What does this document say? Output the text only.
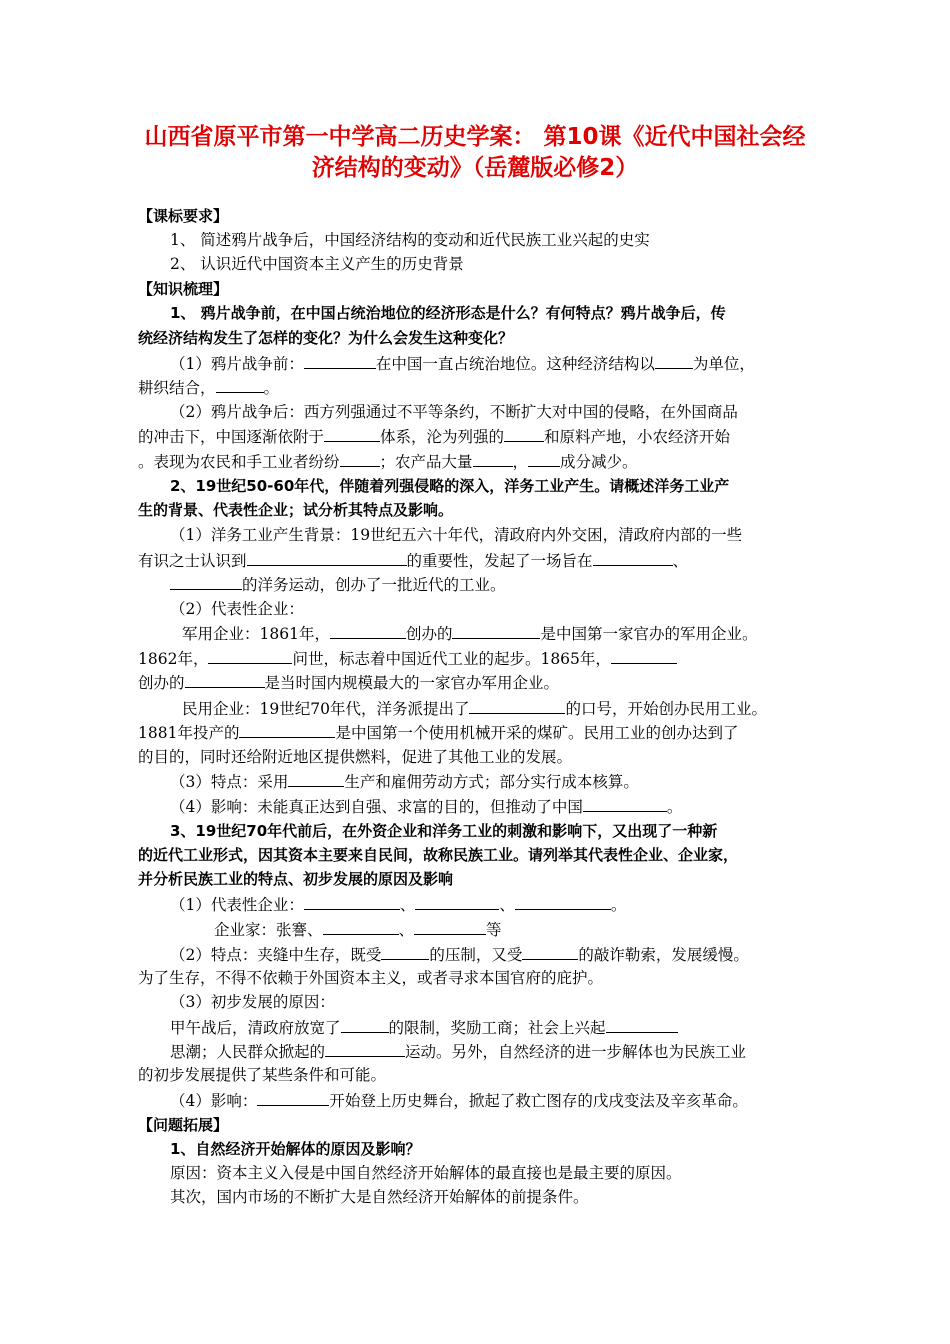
山西省原平市第一中学高二历史学案： 第10课《近代中国社会经
济结构的变动》（岳麓版必修2）
【课标要求】
1、 简述鸦片战争后，中国经济结构的变动和近代民族工业兴起的史实
2、 认识近代中国资本主义产生的历史背景
【知识梳理】
1、 鸦片战争前，在中国占统治地位的经济形态是什么？有何特点？鸦片战争后，传
统经济结构发生了怎样的变化？为什么会发生这种变化？
（1）鸦片战争前：	在中国一直占统治地位。这种经济结构以 为单位，
耕织结合，	。
（2）鸦片战争后：西方列强通过不平等条约，不断扩大对中国的侵略，在外国商品
的冲击下，中国逐渐依附于	体系，沦为列强的	和原料产地，小农经济开始
。表现为农民和手工业者纷纷	；农产品大量	， 成分减少。
2、19世纪50-60年代，伴随着列强侵略的深入，洋务工业产生。请概述洋务工业产
生的背景、代表性企业；试分析其特点及影响。
（1）洋务工业产生背景：19世纪五六十年代，清政府内外交困，清政府内部的一些
有识之士认识到	的重要性，发起了一场旨在	、
的洋务运动，创办了一批近代的工业。
（2）代表性企业：
军用企业：1861年，	创办的	是中国第一家官办的军用企业。
1862年，	问世，标志着中国近代工业的起步。1865年，
创办的	是当时国内规模最大的一家官办军用企业。
民用企业：19世纪70年代，洋务派提出了	的口号，开始创办民用工业。
1881年投产的	是中国第一个使用机械开采的煤矿。民用工业的创办达到了
的目的，同时还给附近地区提供燃料，促进了其他工业的发展。
（3）特点：采用	生产和雇佣劳动方式；部分实行成本核算。
（4）影响：未能真正达到自强、求富的目的，但推动了中国	。
3、19世纪70年代前后，在外资企业和洋务工业的刺激和影响下，又出现了一种新
的近代工业形式，因其资本主要来自民间，故称民族工业。请列举其代表性企业、企业家，
并分析民族工业的特点、初步发展的原因及影响
（1）代表性企业：	、	、	。
企业家：张謇、	、	等
（2）特点：夹缝中生存，既受	的压制，又受	的敲诈勒索，发展缓慢。
为了生存，不得不依赖于外国资本主义，或者寻求本国官府的庇护。
（3）初步发展的原因：
甲午战后，清政府放宽了	的限制，奖励工商；社会上兴起
思潮；人民群众掀起的	运动。另外，自然经济的进一步解体也为民族工业
的初步发展提供了某些条件和可能。
（4）影响：	开始登上历史舞台，掀起了救亡图存的戊戌变法及辛亥革命。
【问题拓展】
1、自然经济开始解体的原因及影响？
原因：资本主义入侵是中国自然经济开始解体的最直接也是最主要的原因。
其次，国内市场的不断扩大是自然经济开始解体的前提条件。
